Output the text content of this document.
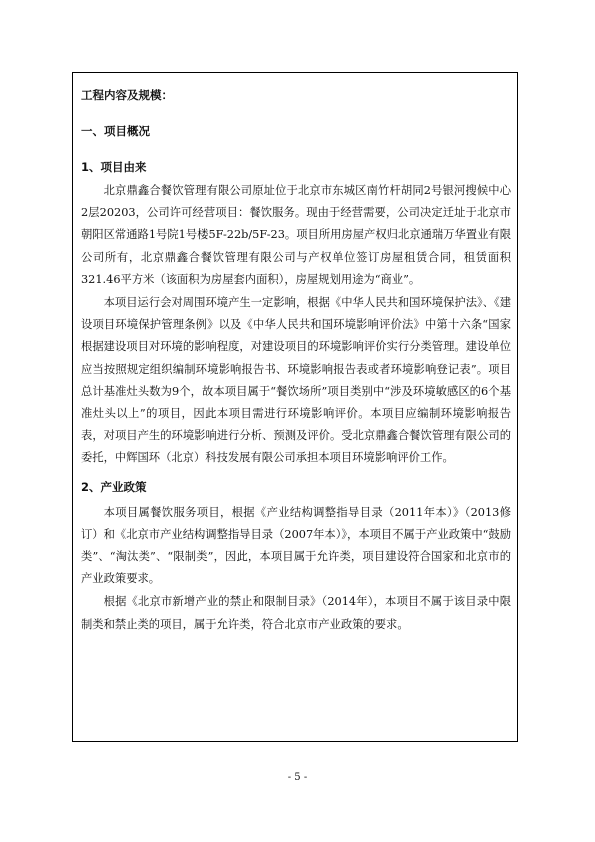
工程内容及规模：

一、项目概况

1、项目由来

北京鼎鑫合餐饮管理有限公司原址位于北京市东城区南竹杆胡同2号银河搜候中心2层20203，公司许可经营项目：餐饮服务。现由于经营需要，公司决定迁址于北京市朝阳区常通路1号院1号楼5F-22b/5F-23。项目所用房屋产权归北京通瑞万华置业有限公司所有，北京鼎鑫合餐饮管理有限公司与产权单位签订房屋租赁合同，租赁面积321.46平方米（该面积为房屋套内面积），房屋规划用途为“商业”。

本项目运行会对周围环境产生一定影响，根据《中华人民共和国环境保护法》、《建设项目环境保护管理条例》以及《中华人民共和国环境影响评价法》中第十六条“国家根据建设项目对环境的影响程度，对建设项目的环境影响评价实行分类管理。建设单位应当按照规定组织编制环境影响报告书、环境影响报告表或者环境影响登记表”。项目总计基准灶头数为9个，故本项目属于“餐饮场所”项目类别中“涉及环境敏感区的6个基准灶头以上”的项目，因此本项目需进行环境影响评价。本项目应编制环境影响报告表，对项目产生的环境影响进行分析、预测及评价。受北京鼎鑫合餐饮管理有限公司的委托，中辉国环（北京）科技发展有限公司承担本项目环境影响评价工作。

2、产业政策

本项目属餐饮服务项目，根据《产业结构调整指导目录（2011年本）》（2013修订）和《北京市产业结构调整指导目录（2007年本）》，本项目不属于产业政策中“鼓励类”、“淘汰类”、“限制类”，因此，本项目属于允许类，项目建设符合国家和北京市的产业政策要求。

根据《北京市新增产业的禁止和限制目录》（2014年），本项目不属于该目录中限制类和禁止类的项目，属于允许类，符合北京市产业政策的要求。

- 5 -
